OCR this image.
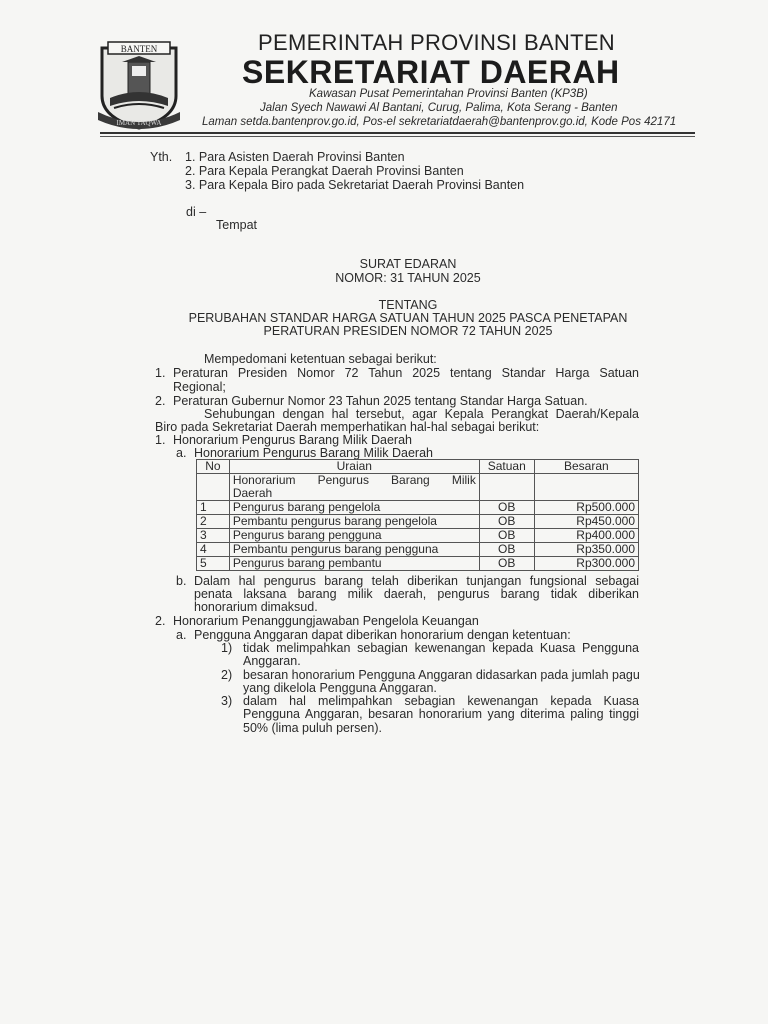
BANTEN
IMAN TAQWA
PEMERINTAH PROVINSI BANTEN
SEKRETARIAT DAERAH
Kawasan Pusat Pemerintahan Provinsi Banten (KP3B)
Jalan Syech Nawawi Al Bantani, Curug, Palima, Kota Serang - Banten
Laman setda.bantenprov.go.id, Pos-el sekretariatdaerah@bantenprov.go.id, Kode Pos 42171
Yth. 1. Para Asisten Daerah Provinsi Banten
2. Para Kepala Perangkat Daerah Provinsi Banten
3. Para Kepala Biro pada Sekretariat Daerah Provinsi Banten
di –
Tempat
SURAT EDARAN
NOMOR: 31 TAHUN 2025
TENTANG
PERUBAHAN STANDAR HARGA SATUAN TAHUN 2025 PASCA PENETAPAN
PERATURAN PRESIDEN NOMOR 72 TAHUN 2025
Mempedomani ketentuan sebagai berikut:
1. Peraturan Presiden Nomor 72 Tahun 2025 tentang Standar Harga Satuan
Regional;
2. Peraturan Gubernur Nomor 23 Tahun 2025 tentang Standar Harga Satuan.
Sehubungan dengan hal tersebut, agar Kepala Perangkat Daerah/Kepala
Biro pada Sekretariat Daerah memperhatikan hal-hal sebagai berikut:
1. Honorarium Pengurus Barang Milik Daerah
a. Honorarium Pengurus Barang Milik Daerah
No	Uraian	Satuan	Besaran

	Honorarium Pengurus Barang Milik
Daerah		

1	Pengurus barang pengelola	OB	Rp500.000
2	Pembantu pengurus barang pengelola	OB	Rp450.000
3	Pengurus barang pengguna	OB	Rp400.000
4	Pembantu pengurus barang pengguna	OB	Rp350.000
5	Pengurus barang pembantu	OB	Rp300.000
b. Dalam hal pengurus barang telah diberikan tunjangan fungsional sebagai
penata laksana barang milik daerah, pengurus barang tidak diberikan
honorarium dimaksud.
2. Honorarium Penanggungjawaban Pengelola Keuangan
a. Pengguna Anggaran dapat diberikan honorarium dengan ketentuan:
1) tidak melimpahkan sebagian kewenangan kepada Kuasa Pengguna
Anggaran.
2) besaran honorarium Pengguna Anggaran didasarkan pada jumlah pagu
yang dikelola Pengguna Anggaran.
3) dalam hal melimpahkan sebagian kewenangan kepada Kuasa
Pengguna Anggaran, besaran honorarium yang diterima paling tinggi
50% (lima puluh persen).
